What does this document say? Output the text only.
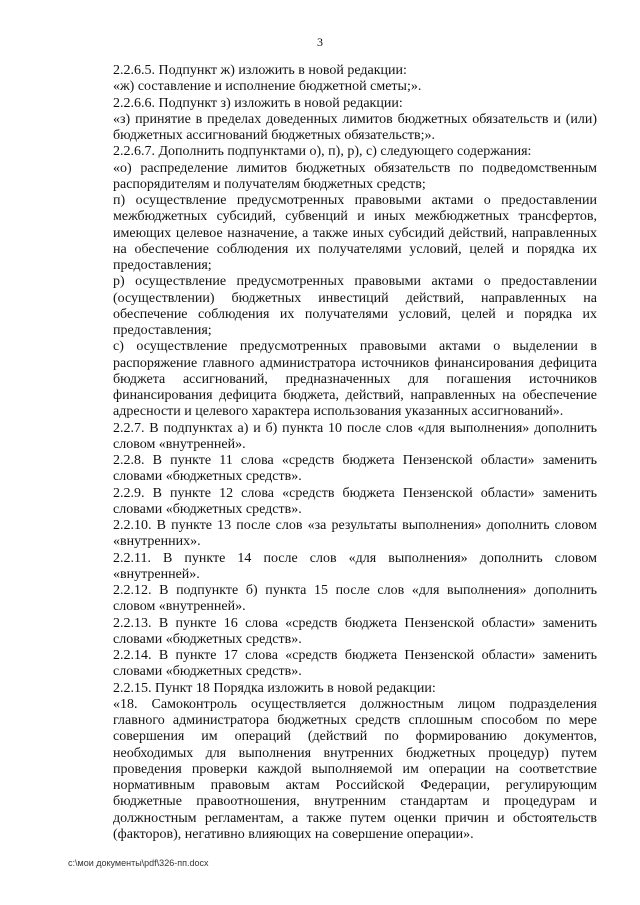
3

2.2.6.5. Подпункт ж) изложить в новой редакции:

«ж) составление и исполнение бюджетной сметы;».

2.2.6.6. Подпункт з) изложить в новой редакции:

«з) принятие в пределах доведенных лимитов бюджетных обязательств и (или) бюджетных ассигнований бюджетных обязательств;».

2.2.6.7. Дополнить подпунктами о), п), р), с) следующего содержания:

«о) распределение лимитов бюджетных обязательств по подведомственным распорядителям и получателям бюджетных средств;

п) осуществление предусмотренных правовыми актами о предоставлении межбюджетных субсидий, субвенций и иных межбюджетных трансфертов, имеющих целевое назначение, а также иных субсидий действий, направленных на обеспечение соблюдения их получателями условий, целей и порядка их предоставления;

р) осуществление предусмотренных правовыми актами о предоставлении (осуществлении) бюджетных инвестиций действий, направленных на обеспечение соблюдения их получателями условий, целей и порядка их предоставления;

с) осуществление предусмотренных правовыми актами о выделении в распоряжение главного администратора источников финансирования дефицита бюджета ассигнований, предназначенных для погашения источников финансирования дефицита бюджета, действий, направленных на обеспечение адресности и целевого характера использования указанных ассигнований».

2.2.7. В подпунктах а) и б) пункта 10 после слов «для выполнения» дополнить словом «внутренней».

2.2.8. В пункте 11 слова «средств бюджета Пензенской области» заменить словами «бюджетных средств».

2.2.9. В пункте 12 слова «средств бюджета Пензенской области» заменить словами «бюджетных средств».

2.2.10. В пункте 13 после слов «за результаты выполнения» дополнить словом «внутренних».

2.2.11. В пункте 14 после слов «для выполнения» дополнить словом «внутренней».

2.2.12. В подпункте б) пункта 15 после слов «для выполнения» дополнить словом «внутренней».

2.2.13. В пункте 16 слова «средств бюджета Пензенской области» заменить словами «бюджетных средств».

2.2.14. В пункте 17 слова «средств бюджета Пензенской области» заменить словами «бюджетных средств».

2.2.15. Пункт 18 Порядка изложить в новой редакции:

«18. Самоконтроль осуществляется должностным лицом подразделения главного администратора бюджетных средств сплошным способом по мере совершения им операций (действий по формированию документов, необходимых для выполнения внутренних бюджетных процедур) путем проведения проверки каждой выполняемой им операции на соответствие нормативным правовым актам Российской Федерации, регулирующим бюджетные правоотношения, внутренним стандартам и процедурам и должностным регламентам, а также путем оценки причин и обстоятельств (факторов), негативно влияющих на совершение операции».

c:\мои документы\pdf\326-пп.docx
